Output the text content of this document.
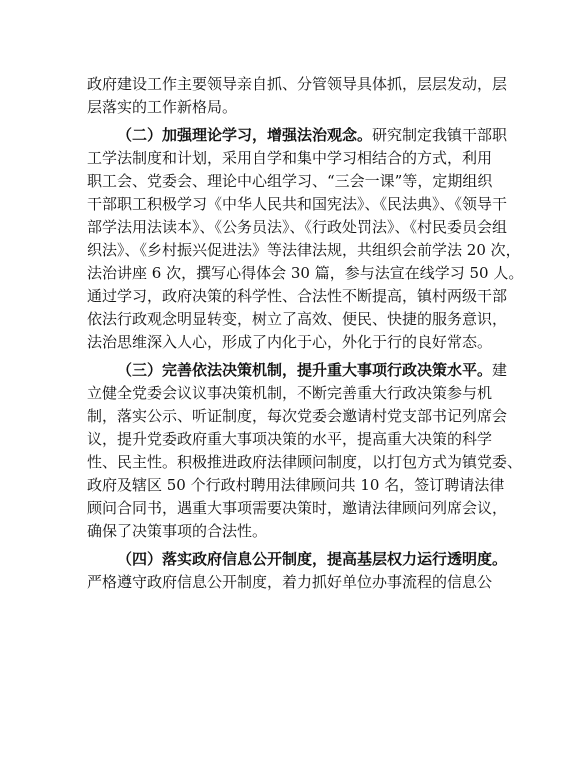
政府建设工作主要领导亲自抓、分管领导具体抓，层层发动，层
层落实的工作新格局。

（二）加强理论学习，增强法治观念。研究制定我镇干部职
工学法制度和计划，采用自学和集中学习相结合的方式，利用
职工会、党委会、理论中心组学习、“三会一课”等，定期组织
干部职工积极学习《中华人民共和国宪法》、《民法典》、《领导干
部学法用法读本》、《公务员法》、《行政处罚法》、《村民委员会组
织法》、《乡村振兴促进法》等法律法规，共组织会前学法 20 次，
法治讲座 6 次，撰写心得体会 30 篇，参与法宣在线学习 50 人。
通过学习，政府决策的科学性、合法性不断提高，镇村两级干部
依法行政观念明显转变，树立了高效、便民、快捷的服务意识，
法治思维深入人心，形成了内化于心，外化于行的良好常态。

（三）完善依法决策机制，提升重大事项行政决策水平。建
立健全党委会议议事决策机制，不断完善重大行政决策参与机
制，落实公示、听证制度，每次党委会邀请村党支部书记列席会
议，提升党委政府重大事项决策的水平，提高重大决策的科学
性、民主性。积极推进政府法律顾问制度，以打包方式为镇党委、
政府及辖区 50 个行政村聘用法律顾问共 10 名，签订聘请法律
顾问合同书，遇重大事项需要决策时，邀请法律顾问列席会议，
确保了决策事项的合法性。

（四）落实政府信息公开制度，提高基层权力运行透明度。
严格遵守政府信息公开制度，着力抓好单位办事流程的信息公
